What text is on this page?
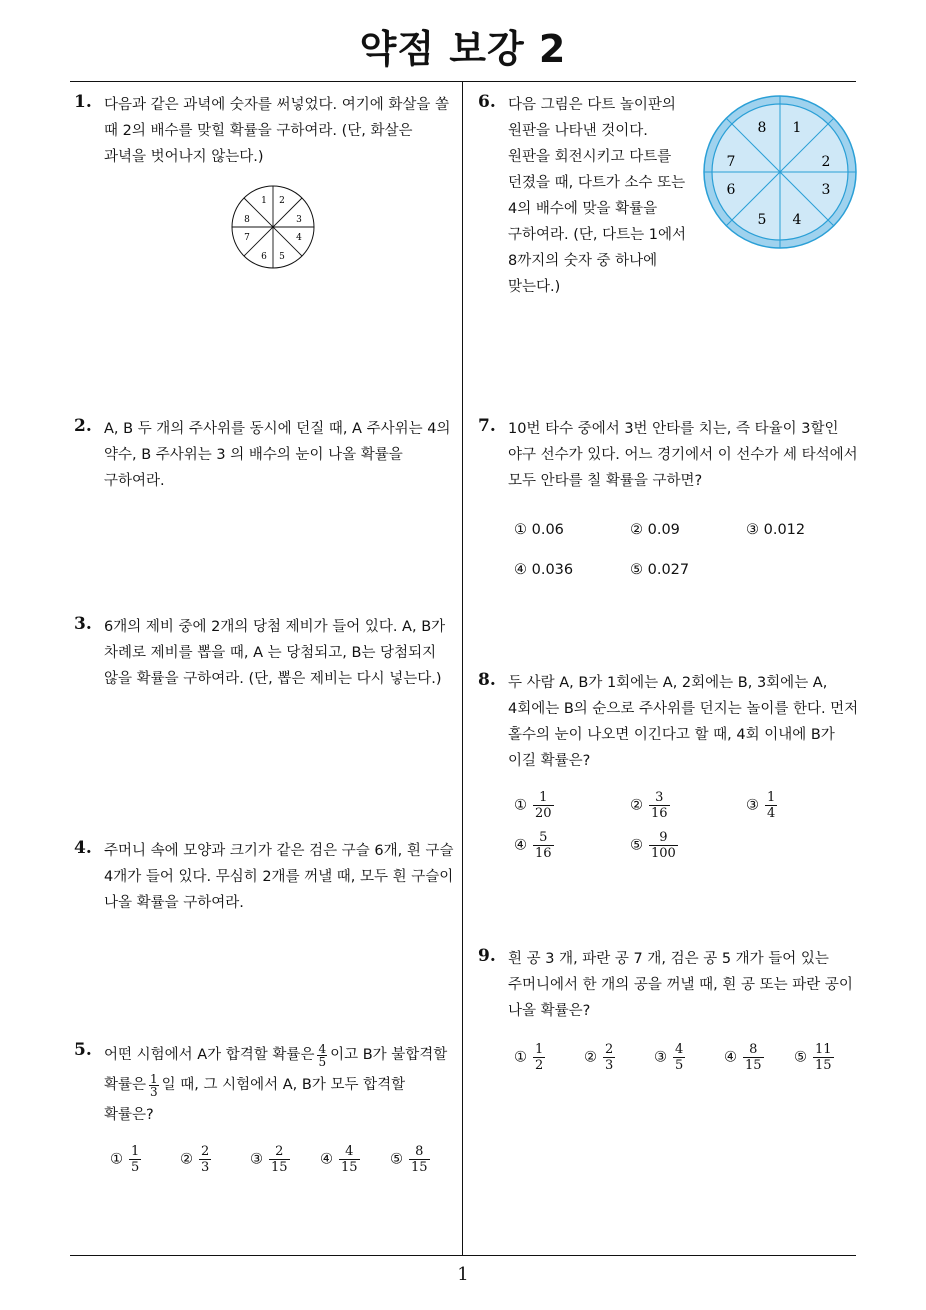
약점 보강 2
1. 다음과 같은 과녁에 숫자를 써넣었다. 여기에 화살을 쏠 때 2의 배수를 맞힐 확률을 구하여라. (단, 화살은 과녁을 벗어나지 않는다.)
1 2
3
4
5
6
7
8
2. A, B 두 개의 주사위를 동시에 던질 때, A 주사위는 4의 약수, B 주사위는 3 의 배수의 눈이 나올 확률을 구하여라.
3. 6개의 제비 중에 2개의 당첨 제비가 들어 있다. A, B가 차례로 제비를 뽑을 때, A 는 당첨되고, B는 당첨되지 않을 확률을 구하여라. (단, 뽑은 제비는 다시 넣는다.)
4. 주머니 속에 모양과 크기가 같은 검은 구슬 6개, 흰 구슬 4개가 들어 있다. 무심히 2개를 꺼낼 때, 모두 흰 구슬이 나올 확률을 구하여라.
5. 어떤 시험에서 A가 합격할 확률은 $\frac{4}{5}$ 이고 B가 불합격할 확률은 $\frac{1}{3}$ 일 때, 그 시험에서 A, B가 모두 합격할 확률은?
① $\frac{1}{5}$	② $\frac{2}{3}$	③ $\frac{2}{15}$ ④ $\frac{4}{15}$ ⑤ $\frac{8}{15}$
6. 다음 그림은 다트 놀이판의 원판을 나타낸 것이다. 원판을 회전시키고 다트를 던졌을 때, 다트가 소수 또는 4의 배수에 맞을 확률을 구하여라. (단, 다트는 1에서 8까지의 숫자 중 하나에 맞는다.)
8 1
7	2
6	3
5 4
7. 10번 타수 중에서 3번 안타를 치는, 즉 타율이 3할인 야구 선수가 있다. 어느 경기에서 이 선수가 세 타석에서 모두 안타를 칠 확률을 구하면?
① 0.06	② 0.09	③ 0.012
④ 0.036	⑤ 0.027
8. 두 사람 A, B가 1회에는 A, 2회에는 B, 3회에는 A, 4회에는 B의 순으로 주사위를 던지는 놀이를 한다. 먼저 홀수의 눈이 나오면 이긴다고 할 때, 4회 이내에 B가 이길 확률은?
① $\frac{1}{20}$	② $\frac{3}{16}$	③ $\frac{1}{4}$
④ $\frac{5}{16}$	⑤ $\frac{9}{100}$
9. 흰 공 3 개, 파란 공 7 개, 검은 공 5 개가 들어 있는 주머니에서 한 개의 공을 꺼낼 때, 흰 공 또는 파란 공이 나올 확률은?
① $\frac{1}{2}$	② $\frac{2}{3}$	③ $\frac{4}{5}$	④ $\frac{8}{15}$ ⑤ $\frac{11}{15}$
1
